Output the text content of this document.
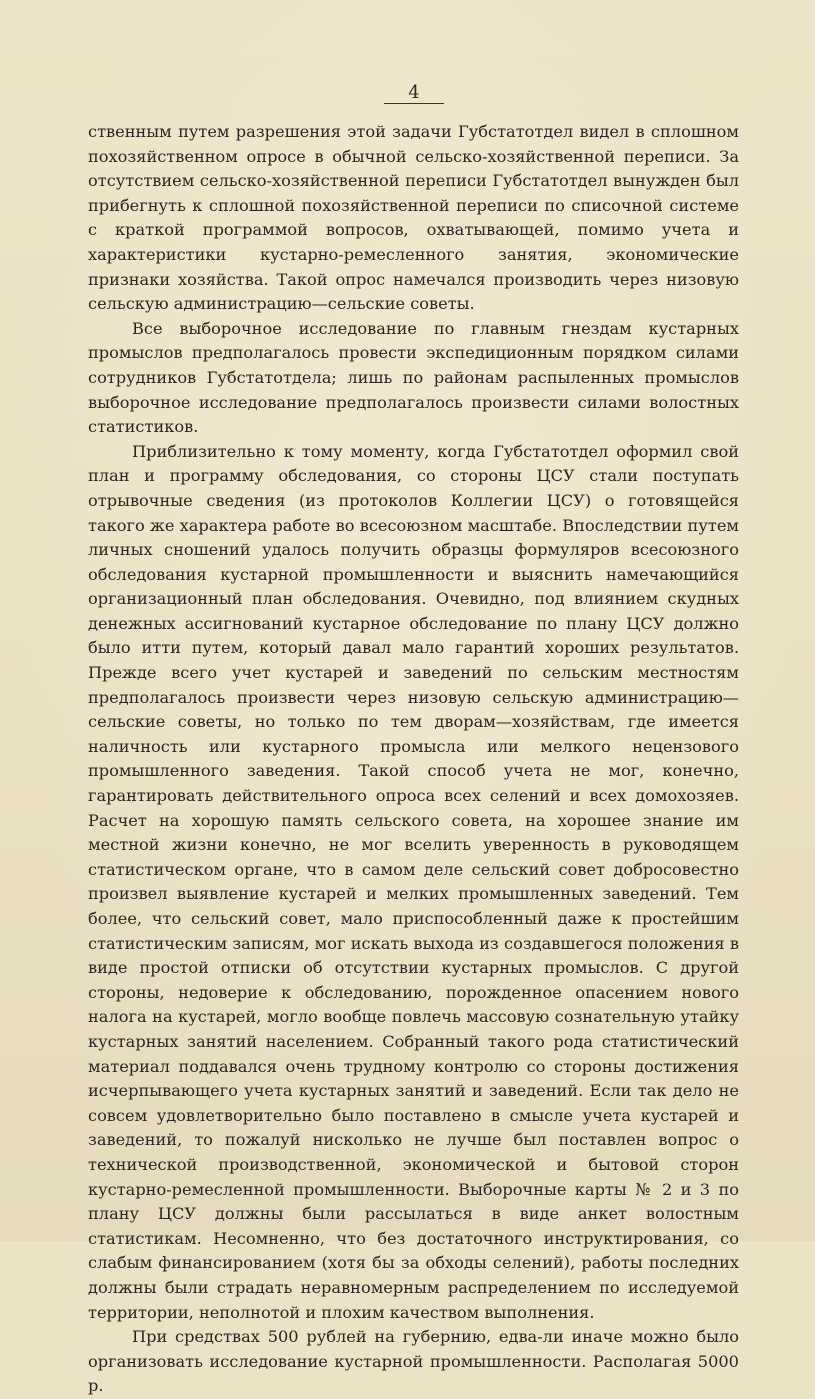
4

ственным путем разрешения этой задачи Губстатотдел видел в сплошном похозяйственном опросе в обычной сельско-хозяйственной переписи. За отсутствием сельско-хозяйственной переписи Губстатотдел вынужден был прибегнуть к сплошной похозяйственной переписи по списочной системе с краткой программой вопросов, охватывающей, помимо учета и характеристики кустарно-ремесленного занятия, экономические признаки хозяйства. Такой опрос намечался производить через низовую сельскую администрацию—сельские советы.

Все выборочное исследование по главным гнездам кустарных промыслов предполагалось провести экспедиционным порядком силами сотрудников Губстатотдела; лишь по районам распыленных промыслов выборочное исследование предполагалось произвести силами волостных статистиков.

Приблизительно к тому моменту, когда Губстатотдел оформил свой план и программу обследования, со стороны ЦСУ стали поступать отрывочные сведения (из протоколов Коллегии ЦСУ) о готовящейся такого же характера работе во всесоюзном масштабе. Впоследствии путем личных сношений удалось получить образцы формуляров всесоюзного обследования кустарной промышленности и выяснить намечающийся организационный план обследования. Очевидно, под влиянием скудных денежных ассигнований кустарное обследование по плану ЦСУ должно было итти путем, который давал мало гарантий хороших результатов. Прежде всего учет кустарей и заведений по сельским местностям предполагалось произвести через низовую сельскую администрацию—сельские советы, но только по тем дворам—хозяйствам, где имеется наличность или кустарного промысла или мелкого нецензового промышленного заведения. Такой способ учета не мог, конечно, гарантировать действительного опроса всех селений и всех домохозяев. Расчет на хорошую память сельского совета, на хорошее знание им местной жизни конечно, не мог вселить уверенность в руководящем статистическом органе, что в самом деле сельский совет добросовестно произвел выявление кустарей и мелких промышленных заведений. Тем более, что сельский совет, мало приспособленный даже к простейшим статистическим записям, мог искать выхода из создавшегося положения в виде простой отписки об отсутствии кустарных промыслов. С другой стороны, недоверие к обследованию, порожденное опасением нового налога на кустарей, могло вообще повлечь массовую сознательную утайку кустарных занятий населением. Собранный такого рода статистический материал поддавался очень трудному контролю со стороны достижения исчерпывающего учета кустарных занятий и заведений. Если так дело не совсем удовлетворительно было поставлено в смысле учета кустарей и заведений, то пожалуй нисколько не лучше был поставлен вопрос о технической производственной, экономической и бытовой сторон кустарно-ремесленной промышленности. Выборочные карты № 2 и 3 по плану ЦСУ должны были рассылаться в виде анкет волостным статистикам. Несомненно, что без достаточного инструктирования, со слабым финансированием (хотя бы за обходы селений), работы последних должны были страдать неравномерным распределением по исследуемой территории, неполнотой и плохим качеством выполнения.

При средствах 500 рублей на губернию, едва-ли иначе можно было организовать исследование кустарной промышленности. Располагая 5000 р.
